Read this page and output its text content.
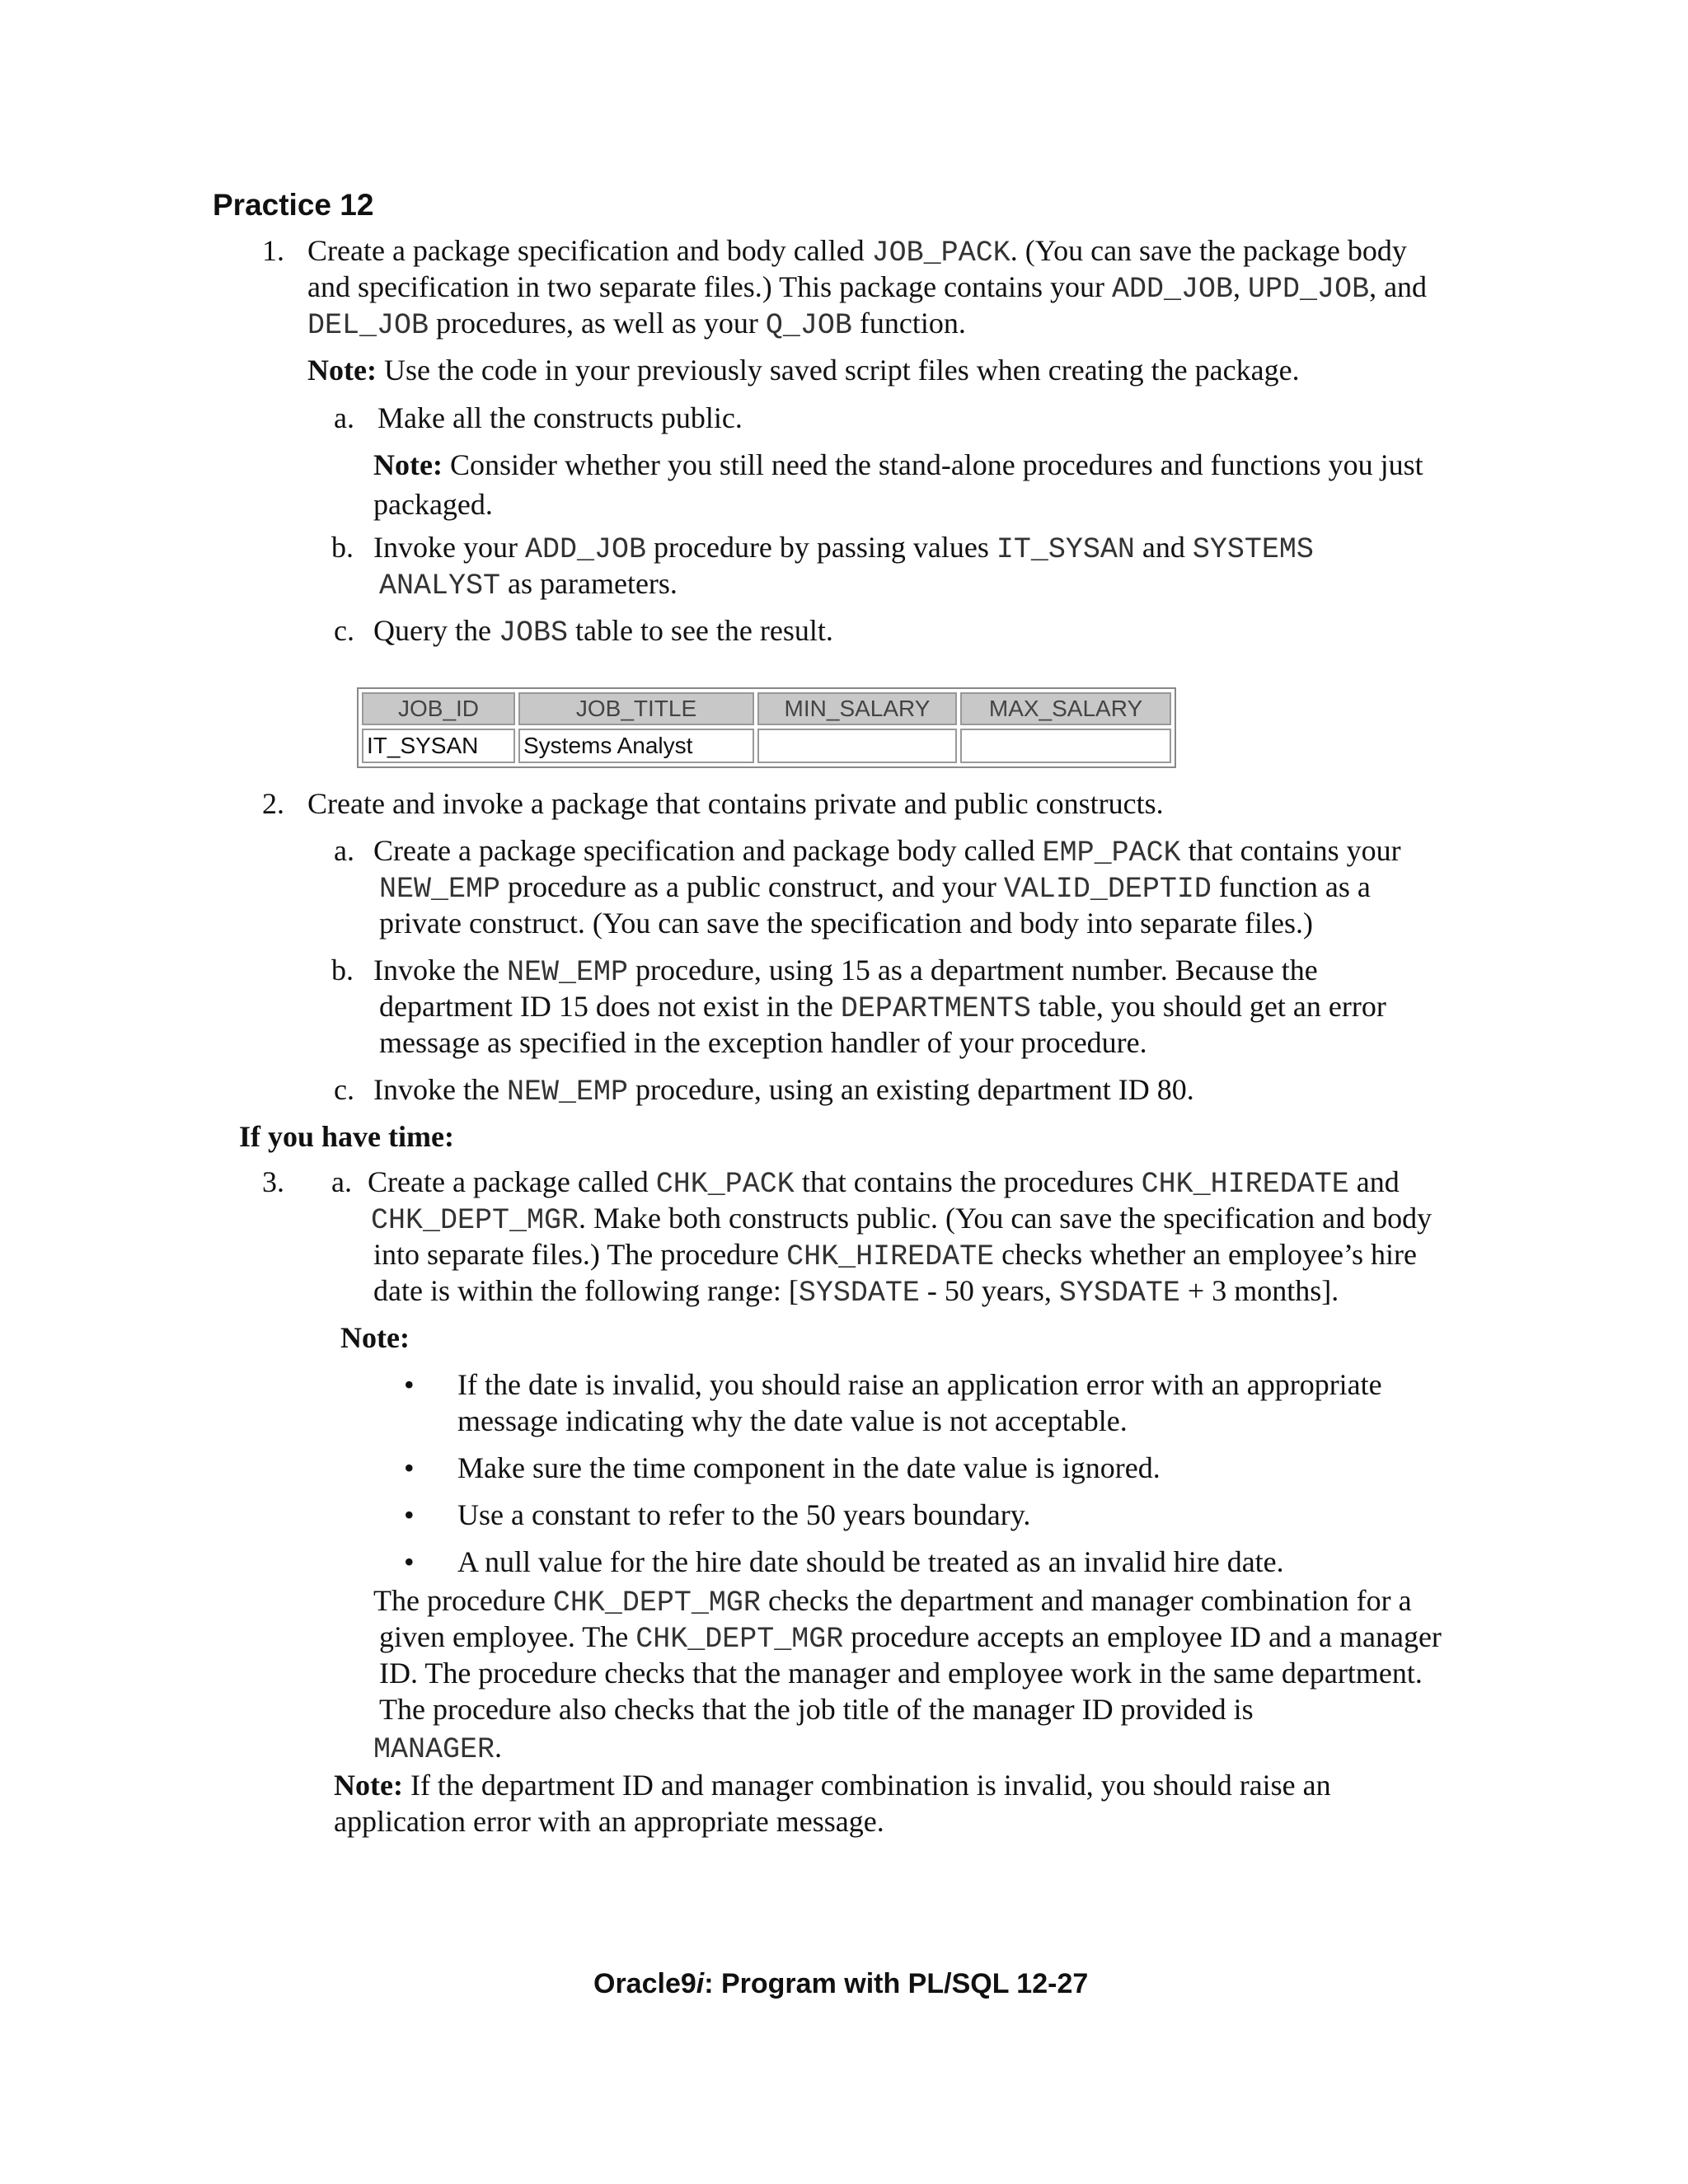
Practice 12
1. Create a package specification and body called JOB_PACK. (You can save the package body
and specification in two separate files.) This package contains your ADD_JOB, UPD_JOB, and
DEL_JOB procedures, as well as your Q_JOB function.
Note: Use the code in your previously saved script files when creating the package.
a. Make all the constructs public.
Note: Consider whether you still need the stand-alone procedures and functions you just
packaged.
b. Invoke your ADD_JOB procedure by passing values IT_SYSAN and SYSTEMS
ANALYST as parameters.
c. Query the JOBS table to see the result.
JOB_ID	JOB_TITLE	MIN_SALARY	MAX_SALARY
IT_SYSAN	Systems Analyst		
2. Create and invoke a package that contains private and public constructs.
a. Create a package specification and package body called EMP_PACK that contains your
NEW_EMP procedure as a public construct, and your VALID_DEPTID function as a
private construct. (You can save the specification and body into separate files.)
b. Invoke the NEW_EMP procedure, using 15 as a department number. Because the
department ID 15 does not exist in the DEPARTMENTS table, you should get an error
message as specified in the exception handler of your procedure.
c. Invoke the NEW_EMP procedure, using an existing department ID 80.
If you have time:
3. a. Create a package called CHK_PACK that contains the procedures CHK_HIREDATE and
CHK_DEPT_MGR. Make both constructs public. (You can save the specification and body
into separate files.) The procedure CHK_HIREDATE checks whether an employee’s hire
date is within the following range: [SYSDATE - 50 years, SYSDATE + 3 months].
Note:
• If the date is invalid, you should raise an application error with an appropriate
message indicating why the date value is not acceptable.
• Make sure the time component in the date value is ignored.
• Use a constant to refer to the 50 years boundary.
• A null value for the hire date should be treated as an invalid hire date.
The procedure CHK_DEPT_MGR checks the department and manager combination for a
given employee. The CHK_DEPT_MGR procedure accepts an employee ID and a manager
ID. The procedure checks that the manager and employee work in the same department.
The procedure also checks that the job title of the manager ID provided is
MANAGER.
Note: If the department ID and manager combination is invalid, you should raise an
application error with an appropriate message.
Oracle9i: Program with PL/SQL 12-27
